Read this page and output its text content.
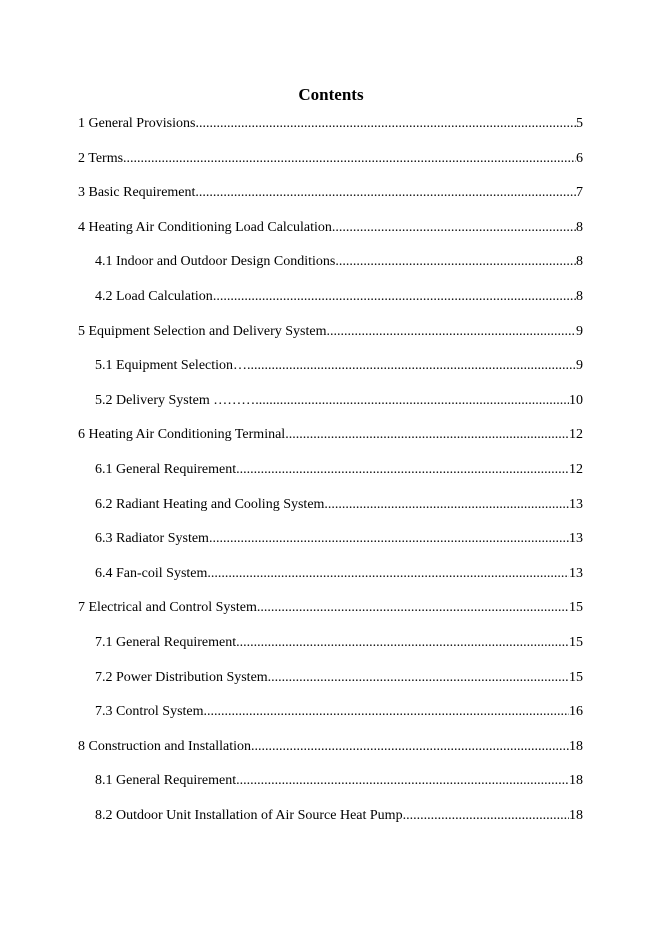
Contents
1 General Provisions .....	5
2 Terms .....	6
3 Basic Requirement .....	7
4 Heating Air Conditioning Load Calculation .....	8
4.1 Indoor and Outdoor Design Conditions .....	8
4.2 Load Calculation .....	8
5 Equipment Selection and Delivery System .....	9
5.1 Equipment Selection… .....	9
5.2 Delivery System ……… .....	10
6 Heating Air Conditioning Terminal .....	12
6.1 General Requirement .....	12
6.2 Radiant Heating and Cooling System .....	13
6.3 Radiator System .....	13
6.4 Fan-coil System .....	13
7 Electrical and Control System .....	15
7.1 General Requirement .....	15
7.2 Power Distribution System .....	15
7.3 Control System .....	16
8 Construction and Installation .....	18
8.1 General Requirement .....	18
8.2 Outdoor Unit Installation of Air Source Heat Pump .....	18
